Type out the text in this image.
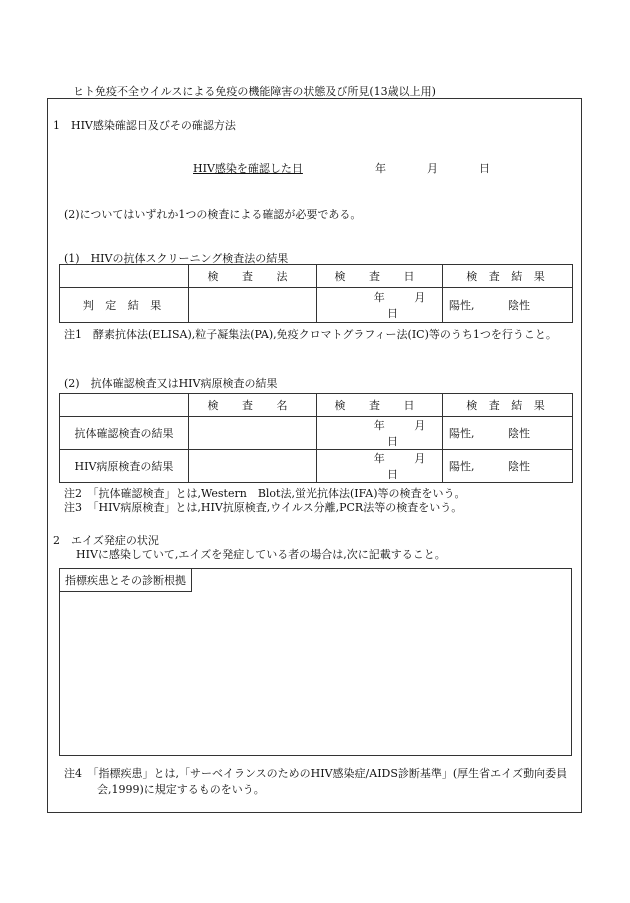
ヒト免疫不全ウイルスによる免疫の機能障害の状態及び所見(13歳以上用)
1　HIV感染確認日及びその確認方法
HIV感染を確認した日	年	月	日
(2)についてはいずれか1つの検査による確認が必要である。
(1)　HIVの抗体スクリーニング検査法の結果
	検 査 法	検 査 日	検 査 結 果
判 定 結 果		年 月 日	陽性, 陰性
注1　酵素抗体法(ELISA),粒子凝集法(PA),免疫クロマトグラフィー法(IC)等のうち1つを行うこと。
(2)　抗体確認検査又はHIV病原検査の結果
	検 査 名	検 査 日	検 査 結 果
抗体確認検査の結果		年 月 日	陽性, 陰性
HIV病原検査の結果		年 月 日	陽性, 陰性
注2　「抗体確認検査」とは,Western　Blot法,蛍光抗体法(IFA)等の検査をいう。
注3　「HIV病原検査」とは,HIV抗原検査,ウイルス分離,PCR法等の検査をいう。
2　エイズ発症の状況
HIVに感染していて,エイズを発症している者の場合は,次に記載すること。
指標疾患とその診断根拠
注4　「指標疾患」とは,「サーベイランスのためのHIV感染症/AIDS診断基準」(厚生省エイズ動向委員会,1999)に規定するものをいう。
